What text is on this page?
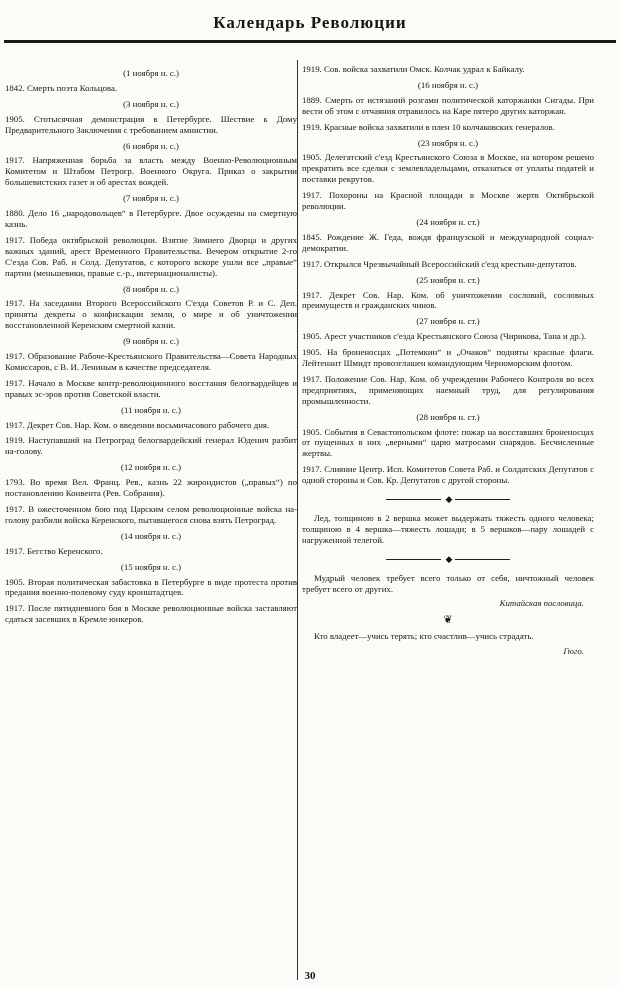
Календарь Революции
(1 ноября н. с.)

1842. Смерть поэта Кольцова.

(3 ноября н. с.)

1905. Стотысячная демонстрация в Петербурге. Шествие к Дому Предварительного Заключения с требованием амнистии.

(6 ноября н. с.)

1917. Напряженная борьба за власть между Военно-Революционным Комитетом и Штабом Петрогр. Военного Округа. Приказ о закрытии большевистских газет и об арестах вождей.

(7 ноября н. с.)

1880. Дело 16 „народовольцев“ в Петербурге. Двое осуждены на смертную казнь.

1917. Победа октябрьской революции. Взятие Зимнего Дворца и других важных зданий, арест Временного Правительства. Вечером открытие 2-го С'езда Сов. Раб. и Солд. Депутатов, с которого вскоре ушли все „правые“ партии (меньшевики, правые с.-р., интернационалисты).

(8 ноября н. с.)

1917. На заседании Второго Всероссийского С'езда Советов Р. и С. Деп. приняты декреты о конфискации земли, о мире и об уничтожении восстановленной Керенским смертной казни.

(9 ноября н. с.)

1917. Образование Рабоче-Крестьянского Правительства—Совета Народных Комиссаров, с В. И. Лениным в качестве председателя.

1917. Начало в Москве контр-революционного восстания белогвардейцев и правых эс-эров против Советской власти.

(11 ноября н. с.)

1917. Декрет Сов. Нар. Ком. о введении восьмичасового рабочего дня.

1919. Наступавший на Петроград белогвардейский генерал Юденич разбит на-голову.

(12 ноября н. с.)

1793. Во время Вел. Франц. Рев., казнь 22 жирондистов („правых“) по постановлению Конвента (Рев. Собрания).

1917. В ожесточенном бою под Царским селом революционные войска на-голову разбили войска Керенского, пытавшегося снова взять Петроград.

(14 ноября н. с.)

1917. Бегство Керенского.

(15 ноября н. с.)

1905. Вторая политическая забастовка в Петербурге в виде протеста против предания военно-полевому суду кронштадтцев.

1917. После пятидневного боя в Москве революционные войска заставляют сдаться засевших в Кремле юнкеров.

1919. Сов. войска захватили Омск. Колчак удрал к Байкалу.

(16 ноября н. с.)

1889. Смерть от истязаний розгами политической каторжанки Сигады. При вести об этом с отчаяния отравилось на Каре пятеро других каторжан.

1919. Красные войска захватили в плен 10 колчаковских генералов.

(23 ноября н. с.)

1905. Делегатский с'езд Крестьянского Союза в Москве, на котором решено прекратить все сделки с землевладельцами, отказаться от уплаты податей и поставки рекрутов.

1917. Похороны на Красной площади в Москве жертв Октябрьской революции.

(24 ноября н. ст.)

1845. Рождение Ж. Геда, вождя французской и международной социал-демократии.

1917. Открылся Чрезвычайный Всероссийский с'езд крестьян-депутатов.

(25 ноября н. ст.)

1917. Декрет Сов. Нар. Ком. об уничтожении сословий, сословных преимуществ и гражданских чинов.

(27 ноября н. ст.)

1905. Арест участников с'езда Крестьянского Союза (Чирикова, Тана и др.).

1905. На броненосцах „Потемкин“ и „Очаков“ подняты красные флаги. Лейтенант Шмидт провозглашен командующим Черноморским флотом.

1917. Положение Сов. Нар. Ком. об учреждении Рабочего Контроля во всех предприятиях, применяющих наемный труд, для регулирования промышленности.

(28 ноября н. ст.)

1905. События в Севастопольском флоте: пожар на восставших броненосцах от пущенных в них „верными“ царю матросами снарядов. Бесчисленные жертвы.

1917. Слияние Центр. Исп. Комитетов Совета Раб. и Солдатских Депутатов с одной стороны и Сов. Кр. Депутатов с другой стороны.

◆

Лед, толщиною в 2 вершка может выдержать тяжесть одного человека; толщиною в 4 вершка—тяжесть лошади; в 5 вершков—пару лошадей с нагруженной телегой.

◆

Мудрый человек требует всего только от себя, ничтожный человек требует всего от других.

Китайская пословица.
❦

Кто владеет—учись терять; кто счастлив—учись страдать.

Гюго.
30
